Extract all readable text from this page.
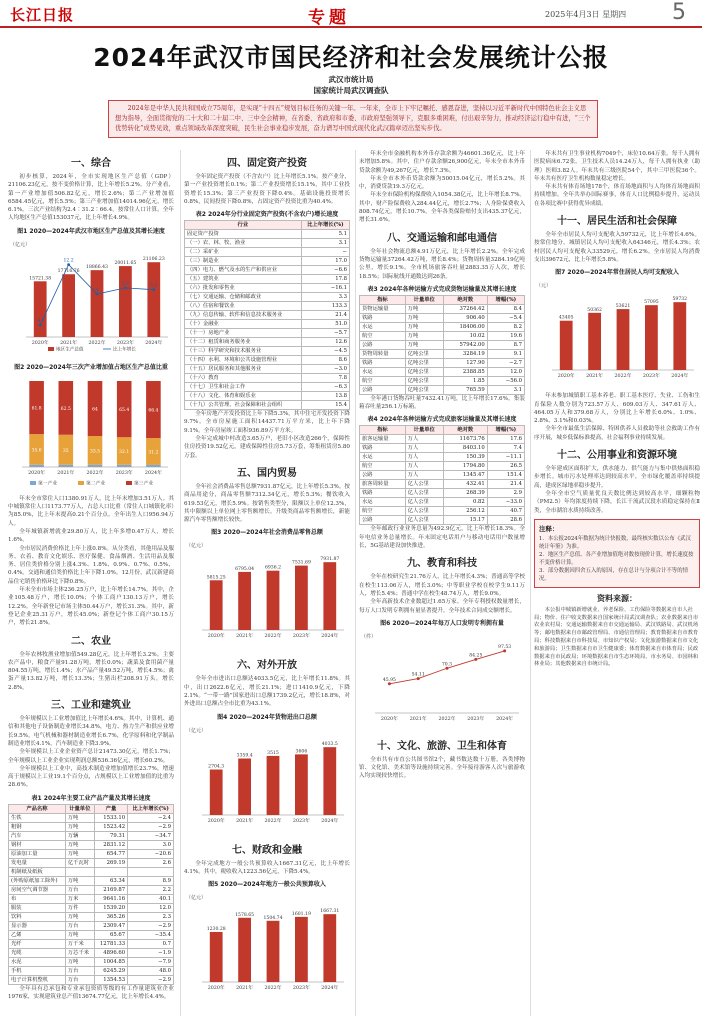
长江日报	专题	2025年4月3日 星期四 5
2024年武汉市国民经济和社会发展统计公报
武汉市统计局
国家统计局武汉调查队
2024年是中华人民共和国成立75周年，是实现“十四五”规划目标任务的关键一年。一年来，全市上下牢记嘱托、感恩奋进，坚持以习近平新时代中国特色社会主义思想为指导，全面贯彻党的二十大和二十届二中、三中全会精神，在省委、省政府和市委、市政府坚强领导下，克服多重困难，付出艰辛努力，推动经济运行稳中有进，“三个优势转化”成势见效，重点领域改革深度突破，民生社会事业稳步发展，奋力谱写中国式现代化武汉篇章迈出坚实步伐。
一、综合
初步核算，2024年，全市实现地区生产总值（GDP）21106.23亿元，按不变价格计算，比上年增长5.2%。分产业看，第一产业增加值506.82亿元，增长2.6%；第二产业增加值6584.45亿元，增长5.5%；第三产业增加值14014.96亿元，增长6.1%。三次产业结构为2.4∶31.2∶66.4。按常住人口计算，全年人均地区生产总值153037元，比上年增长4.9%。
图1 2020—2024年武汉市地区生产总值及其增长速度
（亿元）
15721.38
2020年
17716.76
2021年
18866.43
2022年
20011.65
2023年
21106.23
2024年
-4.7
12.2
4
5.7	5.2
地区生产总值	比上年增长
图2 2020—2024年三次产业增加值占地区生产总值比重
35.6
61.8
2020年
35
62.5
2021年
33.5
64
2022年
32.1
65.4
2023年
31.2
66.4
2024年
第一产业	第二产业	第三产业
年末全市常住人口1380.91万人，比上年末增加3.51万人。其中城镇常住人口1173.77万人，占总人口比重（常住人口城镇化率）为85.0%，比上年末提高0.21个百分点。全年出生人口956.94万人。
全年城镇新增就业29.80万人，比上年多增0.47万人，增长1.6%。
全市居民消费价格比上年上涨0.8%。从分类看，其他用品及服务、衣着、教育文化娱乐、医疗保健、食品烟酒、生活用品及服务、居住类价格分别上涨4.3%、1.8%、0.9%、0.7%、0.5%、0.4%。交通和通信类价格比上年下降1.0%。12月份，武汉新建商品住宅销售价格环比下降0.8%。
年末全市市场主体236.25万户，比上年增长14.7%。其中，企业105.48万户，增长10.0%；个体工商户130.13万户，增长12.2%。全年新登记市场主体50.44万户，增长31.3%。其中，新登记企业25.31万户，增长45.0%；新登记个体工商户30.15万户，增长21.8%。
二、农业
全年农林牧渔业增加值549.28亿元，比上年增长3.2%。主要农产品中，粮食产量91.28万吨，增长0.0%；蔬菜及食用菌产量804.55万吨，增长1.4%；水产品产量49.52万吨，增长4.5%；禽蛋产量13.82万吨，增长13.3%；生猪出栏208.91万头，增长2.8%。
三、工业和建筑业
全年规模以上工业增加值比上年增长4.6%。其中，计算机、通信和其他电子设备制造业增长34.8%，电力、热力生产和供应业增长9.5%，电气机械和器材制造业增长6.7%，化学原料和化学制品制造业增长4.1%，汽车制造业下降3.9%。
全年规模以上工业企业资产总计21473.30亿元，增长1.7%；全年规模以上工业企业实现利润总额536.36亿元，增长60.2%。
全年规模以上工业中，高技术制造业增加值增长23.7%，增速高于规模以上工业19.1个百分点，占规模以上工业增加值的比重为28.6%。
表1 2024年主要工业产品产量及其增长速度
产品名称	计量单位	产量	比上年增长(%)
生铁	万吨	1533.10	−2.4
粗钢	万吨	1523.42	−2.9
汽车	万辆	79.31	−34.7
钢材	万吨	2831.12	3.0
原油加工量	万吨	654.77	−20.6
发电量	亿千瓦时	269.19	2.6
机制纸及纸板			
(外购原纸加工除外)	万吨	63.34	8.9
房间空气调节器	万台	2169.87	2.2
布	万米	9641.16	40.1
服装	万件	1539.20	12.0
饮料	万吨	365.26	2.3
显示器	万台	2309.47	−2.9
乙烯	万吨	65.67	−35.4
光纤	万千米	12781.33	0.7
光缆	万芯千米	4896.60	−1.9
水泥	万吨	1004.85	−7.9
手机	万台	6245.29	48.0
电子计算机整机	万台	1354.53	−2.9
全年具有总承包和专业承包资质等级的有工作量建筑业企业1976家，实现建筑业总产值13674.77亿元，比上年增长4.4%。
四、固定资产投资
全年固定资产投资（不含农户）比上年增长5.1%。按产业分，第一产业投资增长0.1%；第二产业投资增长15.1%，其中工业投资增长15.3%；第三产业投资下降0.4%。基础设施投资增长0.8%，民间投资下降0.8%，占固定资产投资比重为40.4%。
表2 2024年分行业固定资产投资(不含农户)增长速度
行业	比上年增长(%)
固定资产投资	5.1
（一）农、林、牧、渔业	3.1
（二）采矿业	−
（三）制造业	17.0
（四）电力、燃气及水的生产和供应业	−6.6
（五）建筑业	17.8
（六）批发和零售业	−16.1
（七）交通运输、仓储和邮政业	3.3
（八）住宿和餐饮业	133.3
（九）信息传输、软件和信息技术服务业	21.4
（十）金融业	51.0
（十一）房地产业	−5.7
（十二）租赁和商务服务业	12.6
（十三）科学研究和技术服务业	−4.5
（十四）水利、环境和公共设施管理业	8.6
（十五）居民服务和其他服务业	−3.0
（十六）教育	7.8
（十七）卫生和社会工作	−6.3
（十八）文化、体育和娱乐业	13.8
（十九）公共管理、社会保障和社会组织	15.4
全年房地产开发投资比上年下降5.3%，其中住宅开发投资下降9.7%。全市房屋施工面积14437.71万平方米，比上年下降9.1%。全年房屋竣工面积936.89万平方米。
全年完成城中村改造3.65万户，老旧小区改造266个，保障性住房投资19.52亿元，建成保障性住房5.73万套，筹集租赁房5.80万套。
五、国内贸易
全年社会消费品零售总额7931.87亿元，比上年增长5.3%。按商品用途分，商品零售额7312.34亿元，增长5.3%；餐饮收入619.53亿元，增长5.9%。按销售类型分，限额以上单位12.3%，其中限额以上单位网上零售额增长。升级类商品零售额增长，新能源汽车零售额增长较快。
图3 2020—2024年社会消费品零售总额
（亿元）
5815.25
2020年
6795.04
2021年
6936.2
2022年
7531.69
2023年
7931.87
2024年
六、对外开放
全年全市进出口总额达4033.5亿元，比上年增长11.8%。其中，出口2622.6亿元，增长21.1%；进口1410.9亿元，下降2.1%。“一带一路”国家进出口总额1739.2亿元，增长18.8%，对外进出口总额占全市比重为43.1%。
图4 2020—2024年货物进出口总额
（亿元）
2704.3
2020年
3359.4
2021年
3515
2022年
3606
2023年
4033.5
2024年
七、财政和金融
全年完成地方一般公共预算收入1667.31亿元，比上年增长4.1%。其中，税收收入1223.56亿元，下降5.4%。
图5 2020—2024年地方一般公共预算收入
（亿元）
1230.28
2020年
1578.65
2021年
1504.74
2022年
1601.19
2023年
1667.31
2024年
年末全市金融机构本外币存款余额为46601.36亿元，比上年末增加5.8%。其中，住户存款余额26,900亿元，年末全市本外币贷款余额为49,267亿元，增长7.3%。
年末全市本外币贷款余额为50015.04亿元，增长5.2%。其中，消费贷款19.3万亿元。
年末全市保险机构保费收入1054.38亿元，比上年增长8.7%。其中，财产险保费收入284.44亿元，增长2.7%；人身险保费收入808.74亿元，增长10.7%。全年各类保险赔付支出435.37亿元，增长31.6%。
八、交通运输和邮电通信
全年社会物流总额4.91万亿元，比上年增长2.2%。全年完成货物运输量37264.42万吨，增长8.4%；货物周转量3284.19亿吨公里，增长9.1%。全市机场旅客吞吐量2883.35万人次，增长18.5%；国际航线开通数达到26条。
表3 2024年各种运输方式完成货物运输量及其增长速度
指标	计量单位	绝对数	增幅(%)
货物运输量	万吨	37264.42	8.4
铁路	万吨	906.40	−5.4
水运	万吨	18406.00	8.2
航空	万吨	10.02	19.6
公路	万吨	57942.00	8.7
货物周转量	亿吨公里	3284.19	9.1
铁路	亿吨公里	127.90	−2.7
水运	亿吨公里	2388.85	12.0
航空	亿吨公里	1.85	−56.0
公路	亿吨公里	765.59	3.1
全年港口货物吞吐量7432.41万吨，比上年增长17.6%。集装箱吞吐量256.1万标箱。
表4 2024年各种运输方式完成旅客运输量及其增长速度
指标	计量单位	绝对数	增幅(%)
旅客运输量	万人	11673.76	17.6
铁路	万人	8403.10	7.4
水运	万人	150.39	−11.1
航空	万人	1794.80	26.5
公路	万人	1345.47	151.4
旅客周转量	亿人公里	432.41	21.4
铁路	亿人公里	268.39	2.9
水运	亿人公里	0.82	−33.0
航空	亿人公里	256.12	40.7
公路	亿人公里	15.17	28.6
全年邮政行业业务总量为492.9亿元，比上年增长18.3%。全年电信业务总量增长。年末固定电话用户与移动电话用户数量增长，5G基站建设加快推进。
九、教育和科技
全年在校研究生21.76万人，比上年增长4.3%；普通高等学校在校生113.06万人，增长3.0%；中等职业学校在校学生9.11万人，增长5.4%；普通中学在校生48.74万人，增长9.0%。
全年高新技术企业数超过1.65万家。全年专利授权数量增长，每万人口发明专利拥有量显著提升。全年技术合同成交额增长。
图6 2020—2024年每万人口发明专利拥有量
（件）
45.95
2020年
54.11
2021年
70.3
2022年
84.25
2023年
97.53
2024年
十、文化、旅游、卫生和体育
全市共有市直公共图书馆2个，藏书数达数十万册，各类博物馆、文化馆、美术馆等设施持续完善。全年接待游客人次与旅游收入均实现较快增长。
年末共有卫生事业机构7049个，床位10.64万张。每千人拥有医院病床6.72张。卫生技术人员14.24万人，每千人拥有执业（助理）医师3.82人。年末共有三级医院54个，其中三甲医院36个。年末共有医疗卫生机构数量稳定增长。
年末共有体育场地178个，体育场地面积与人均体育场地面积持续增加。全年共举办国际赛事，体育人口比例稳步提升，运动员在各项比赛中获得优异成绩。
十一、居民生活和社会保障
全年全市居民人均可支配收入59732元，比上年增长4.6%。按常住地分，城镇居民人均可支配收入64346元，增长4.3%；农村居民人均可支配收入33529元，增长6.2%。全市居民人均消费支出39672元，比上年增长5.8%。
图7 2020—2024年常住居民人均可支配收入
（元）
43405
2020年
50362
2021年
53621
2022年
57095
2023年
59732
2024年
年末参加城镇职工基本养老、职工基本医疗、失业、工伤和生育保险人数分别为723.57万人、609.03万人、347.61万人、464.05万人和379.68万人，分别比上年增长6.0%、1.0%、2.8%、3.1%和0.03%。
全年全市最低生活保障、特困供养人员救助等社会救助工作有序开展，城乡低保标准提高，社会福利事业持续发展。
十二、公用事业和资源环境
全年建成区面积扩大，供水能力、供气能力与集中供热面积稳步增长。城市污水处理率达到较高水平，全市绿化覆盖率持续提高，建成区绿地率稳步提升。
全年全市空气质量优良天数比例达到较高水平，细颗粒物（PM2.5）年均浓度持续下降，长江干流武汉段水质稳定保持在Ⅱ类，全市湖泊水质持续改善。
注释：
1．本公报2024年数据为统计快报数，最终核实数以公布《武汉统计年鉴》为准。
2．地区生产总值、各产业增加值绝对数按现价计算，增长速度按不变价格计算。
3．部分数据因四舍五入的原因，存在总计与分项合计不等的情况。
资料来源：
本公报中城镇新增就业、养老保险、工伤保险等数据来自市人社局；物价、住户收支数据来自国家统计局武汉调查队；农业数据来自市农业农村局；交通运输数据来自市交通运输局、武汉铁路局、武汉机场等；邮电数据来自市邮政管理局、市通信管理局；教育数据来自市教育局；科技数据来自市科技局、市知识产权局；文化旅游数据来自市文化和旅游局；卫生数据来自市卫生健康委；体育数据来自市体育局；民政数据来自市民政局；环境数据来自市生态环境局、市水务局、市园林和林业局；其他数据来自市统计局。
